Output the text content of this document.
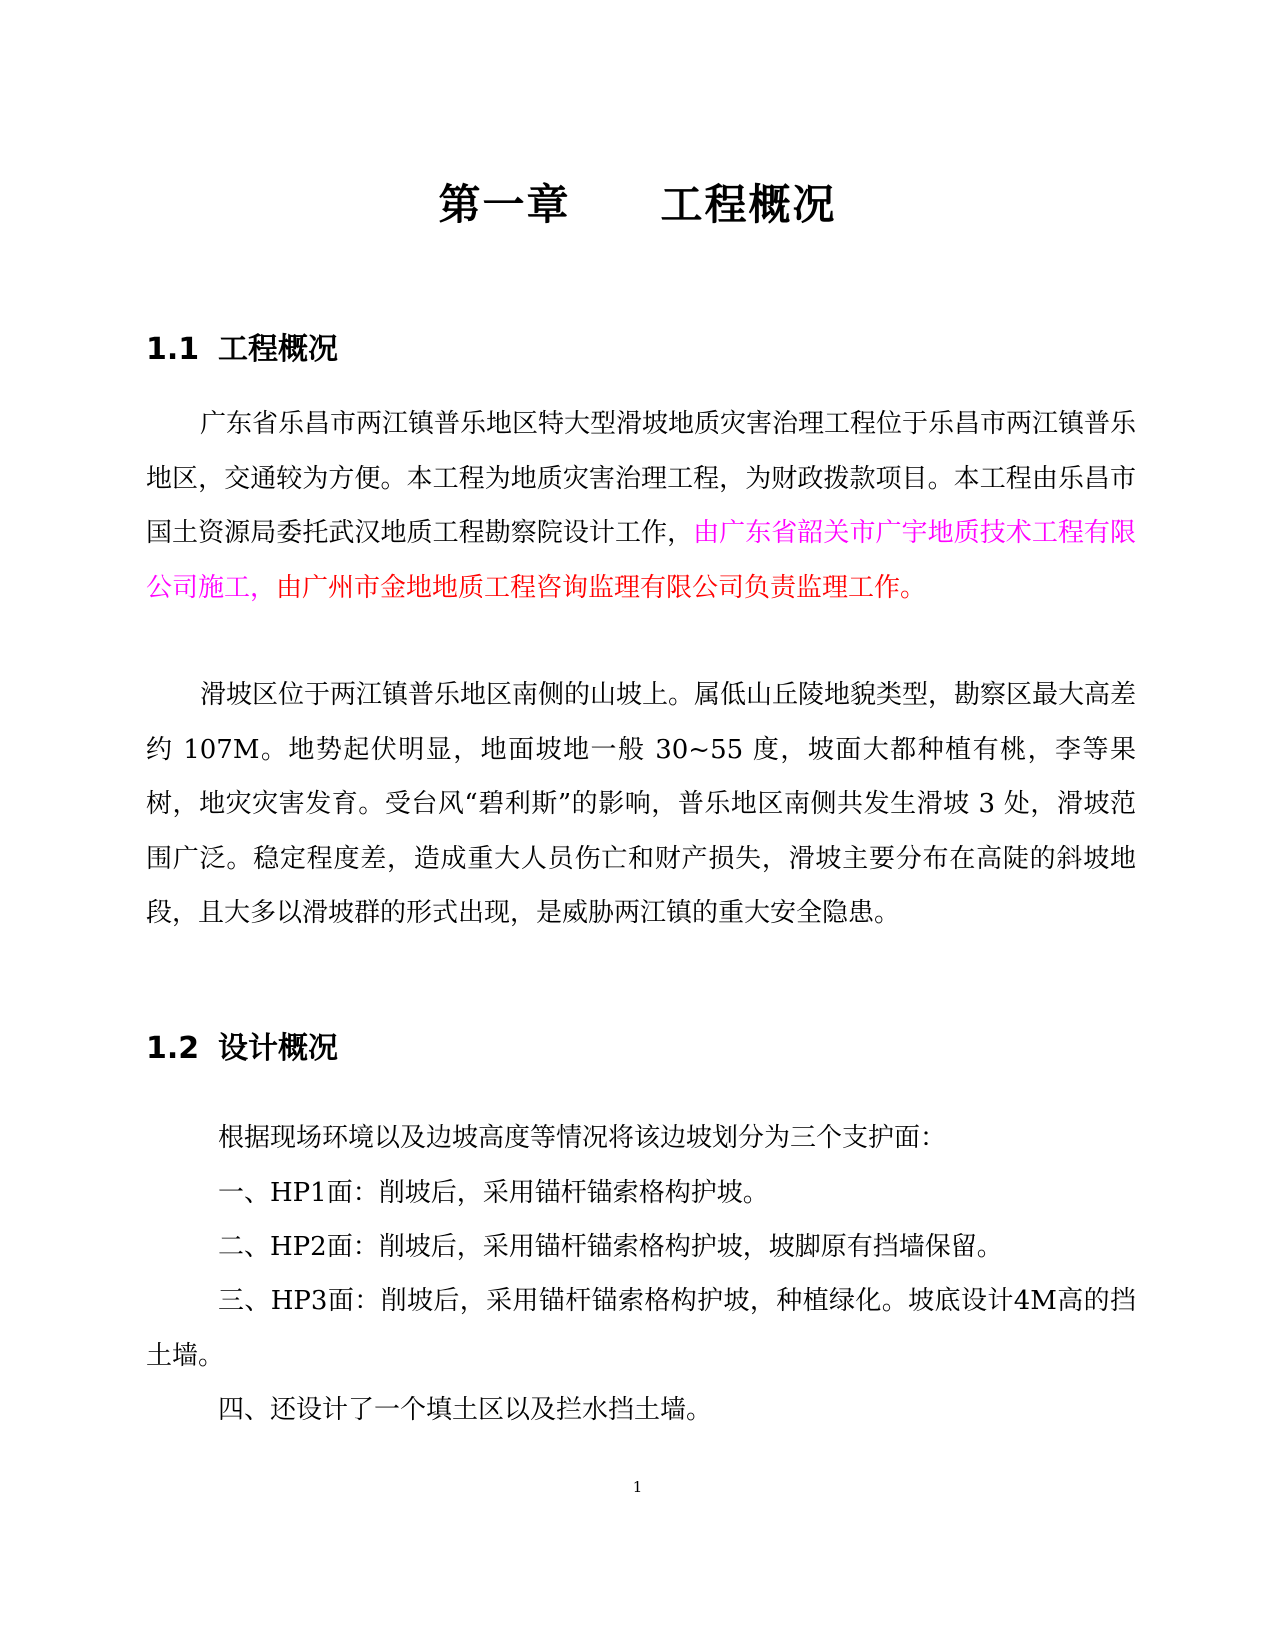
第一章 工程概况
1.1 工程概况

广东省乐昌市两江镇普乐地区特大型滑坡地质灾害治理工程位于乐昌市两江镇普乐地区，交通较为方便。本工程为地质灾害治理工程，为财政拨款项目。本工程由乐昌市国土资源局委托武汉地质工程勘察院设计工作，由广东省韶关市广宇地质技术工程有限公司施工，由广州市金地地质工程咨询监理有限公司负责监理工作。

滑坡区位于两江镇普乐地区南侧的山坡上。属低山丘陵地貌类型，勘察区最大高差约 107M。地势起伏明显，地面坡地一般 30~55 度，坡面大都种植有桃，李等果树，地灾灾害发育。受台风“碧利斯”的影响，普乐地区南侧共发生滑坡 3 处，滑坡范围广泛。稳定程度差，造成重大人员伤亡和财产损失，滑坡主要分布在高陡的斜坡地段，且大多以滑坡群的形式出现，是威胁两江镇的重大安全隐患。

1.2 设计概况

根据现场环境以及边坡高度等情况将该边坡划分为三个支护面：

一、HP1面：削坡后，采用锚杆锚索格构护坡。

二、HP2面：削坡后，采用锚杆锚索格构护坡，坡脚原有挡墙保留。

三、HP3面：削坡后，采用锚杆锚索格构护坡，种植绿化。坡底设计4M高的挡土墙。

四、还设计了一个填土区以及拦水挡土墙。

1
